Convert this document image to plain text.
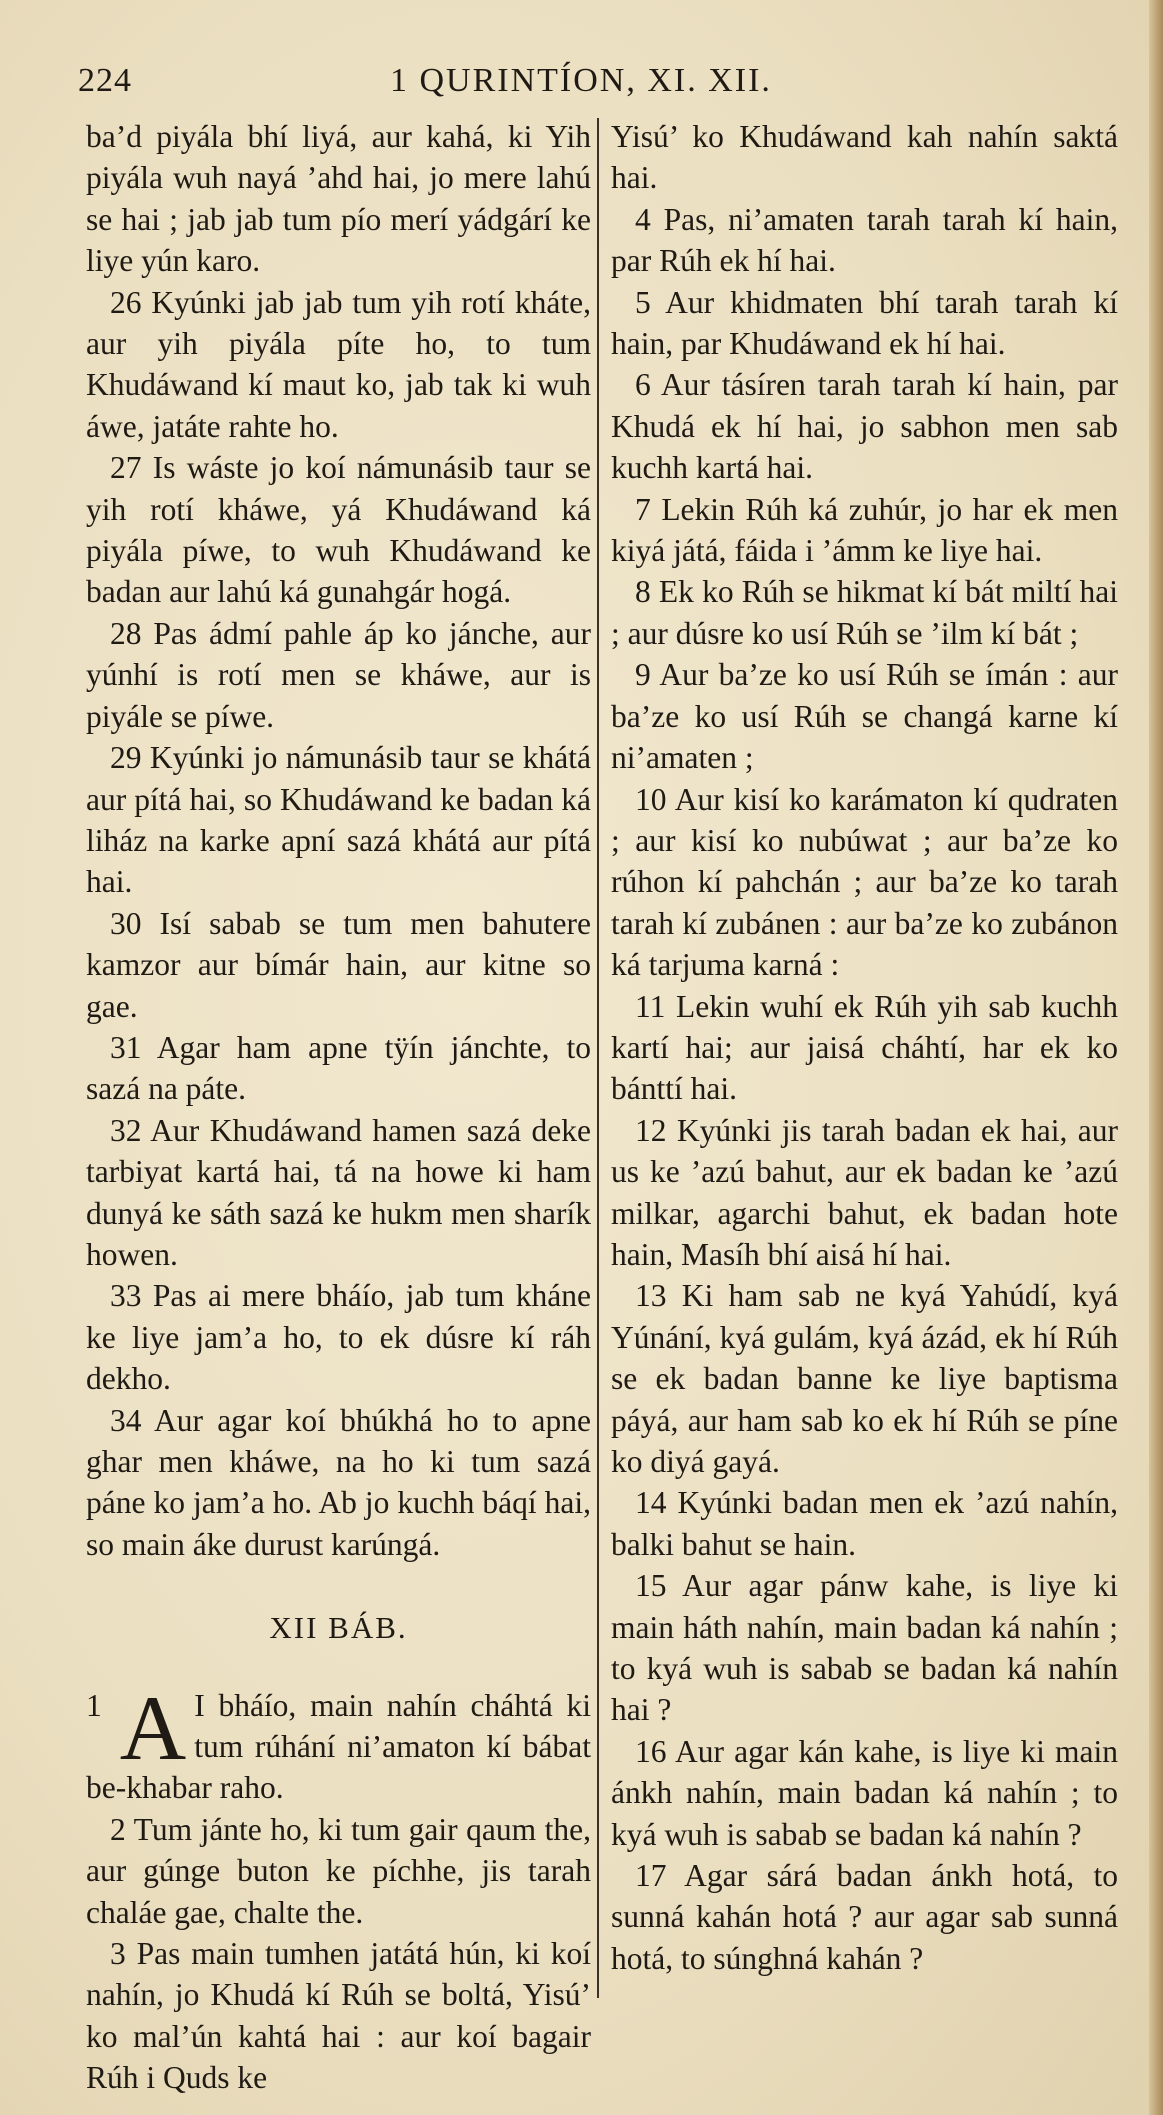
224	1 QURINTÍON, XI. XII.

ba’d piyála bhí liyá, aur kahá, ki Yih piyála wuh nayá ’ahd hai, jo mere lahú se hai ; jab jab tum pío merí yádgárí ke liye yún karo.

26 Kyúnki jab jab tum yih rotí kháte, aur yih piyála píte ho, to tum Khudáwand kí maut ko, jab tak ki wuh áwe, jatáte rahte ho.

27 Is wáste jo koí námunásib taur se yih rotí kháwe, yá Khudáwand ká piyála píwe, to wuh Khudáwand ke badan aur lahú ká gunahgár hogá.

28 Pas ádmí pahle áp ko jánche, aur yúnhí is rotí men se kháwe, aur is piyále se píwe.

29 Kyúnki jo námunásib taur se khátá aur pítá hai, so Khudáwand ke badan ká liház na karke apní sazá khátá aur pítá hai.

30 Isí sabab se tum men bahutere kamzor aur bímár hain, aur kitne so gae.

31 Agar ham apne tÿín jánchte, to sazá na páte.

32 Aur Khudáwand hamen sazá deke tarbiyat kartá hai, tá na howe ki ham dunyá ke sáth sazá ke hukm men sharík howen.

33 Pas ai mere bháío, jab tum kháne ke liye jam’a ho, to ek dúsre kí ráh dekho.

34 Aur agar koí bhúkhá ho to apne ghar men kháwe, na ho ki tum sazá páne ko jam’a ho. Ab jo kuchh báqí hai, so main áke durust karúngá.

XII BÁB.

1 A I bháío, main nahín cháhtá ki tum rúhání ni’amaton kí bábat be-khabar raho.

2 Tum jánte ho, ki tum gair qaum the, aur gúnge buton ke píchhe, jis tarah chaláe gae, chalte the.

3 Pas main tumhen jatátá hún, ki koí nahín, jo Khudá kí Rúh se boltá, Yisú’ ko mal’ún kahtá hai : aur koí bagair Rúh i Quds ke

Yisú’ ko Khudáwand kah nahín saktá hai.

4 Pas, ni’amaten tarah tarah kí hain, par Rúh ek hí hai.

5 Aur khidmaten bhí tarah tarah kí hain, par Khudáwand ek hí hai.

6 Aur tásíren tarah tarah kí hain, par Khudá ek hí hai, jo sabhon men sab kuchh kartá hai.

7 Lekin Rúh ká zuhúr, jo har ek men kiyá játá, fáida i ’ámm ke liye hai.

8 Ek ko Rúh se hikmat kí bát miltí hai ; aur dúsre ko usí Rúh se ’ilm kí bát ;

9 Aur ba’ze ko usí Rúh se ímán : aur ba’ze ko usí Rúh se changá karne kí ni’amaten ;

10 Aur kisí ko karámaton kí qudraten ; aur kisí ko nubúwat ; aur ba’ze ko rúhon kí pahchán ; aur ba’ze ko tarah tarah kí zubánen : aur ba’ze ko zubánon ká tarjuma karná :

11 Lekin wuhí ek Rúh yih sab kuchh kartí hai; aur jaisá cháhtí, har ek ko bánttí hai.

12 Kyúnki jis tarah badan ek hai, aur us ke ’azú bahut, aur ek badan ke ’azú milkar, agarchi bahut, ek badan hote hain, Masíh bhí aisá hí hai.

13 Ki ham sab ne kyá Yahúdí, kyá Yúnání, kyá gulám, kyá ázád, ek hí Rúh se ek badan banne ke liye baptisma páyá, aur ham sab ko ek hí Rúh se píne ko diyá gayá.

14 Kyúnki badan men ek ’azú nahín, balki bahut se hain.

15 Aur agar pánw kahe, is liye ki main háth nahín, main badan ká nahín ; to kyá wuh is sabab se badan ká nahín hai ?

16 Aur agar kán kahe, is liye ki main ánkh nahín, main badan ká nahín ; to kyá wuh is sabab se badan ká nahín ?

17 Agar sárá badan ánkh hotá, to sunná kahán hotá ? aur agar sab sunná hotá, to súnghná kahán ?
